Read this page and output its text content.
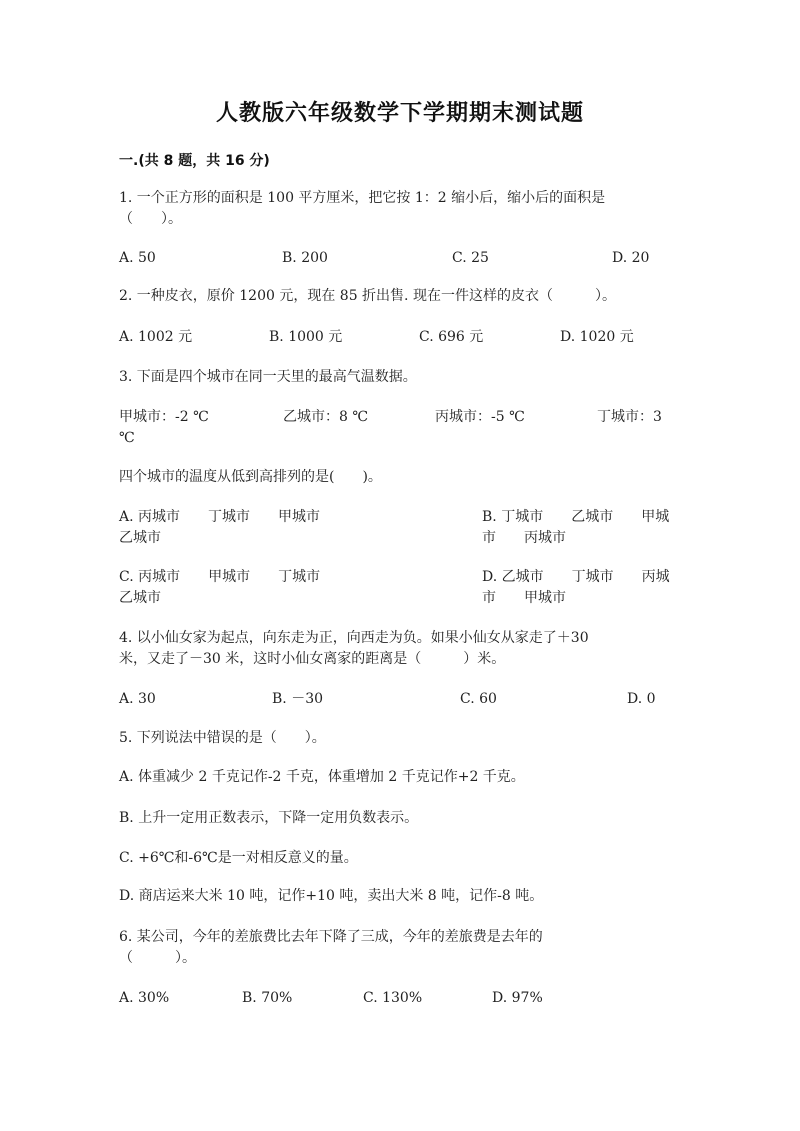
人教版六年级数学下学期期末测试题
一.(共 8 题，共 16 分)
1. 一个正方形的面积是 100 平方厘米，把它按 1：2 缩小后，缩小后的面积是
（　　）。
A. 50	B. 200	C. 25	D. 20
2. 一种皮衣，原价 1200 元，现在 85 折出售. 现在一件这样的皮衣（　　　）。
A. 1002 元	B. 1000 元	C. 696 元	D. 1020 元
3. 下面是四个城市在同一天里的最高气温数据。
甲城市：-2 ℃	乙城市：8 ℃	丙城市：-5 ℃	丁城市：3
℃
四个城市的温度从低到高排列的是(　　)。
A. 丙城市　　丁城市　　甲城市　　乙城市
B. 丁城市　　乙城市　　甲城市　　丙城市
C. 丙城市　　甲城市　　丁城市　　乙城市
D. 乙城市　　丁城市　　丙城市　　甲城市
4. 以小仙女家为起点，向东走为正，向西走为负。如果小仙女从家走了＋30
米，又走了－30 米，这时小仙女离家的距离是（　　　）米。
A. 30	B. －30	C. 60	D. 0
5. 下列说法中错误的是（　　）。
A. 体重减少 2 千克记作-2 千克，体重增加 2 千克记作+2 千克。
B. 上升一定用正数表示，下降一定用负数表示。
C. +6℃和-6℃是一对相反意义的量。
D. 商店运来大米 10 吨，记作+10 吨，卖出大米 8 吨，记作-8 吨。
6. 某公司，今年的差旅费比去年下降了三成，今年的差旅费是去年的
（　　　）。
A. 30%	B. 70%	C. 130%	D. 97%
